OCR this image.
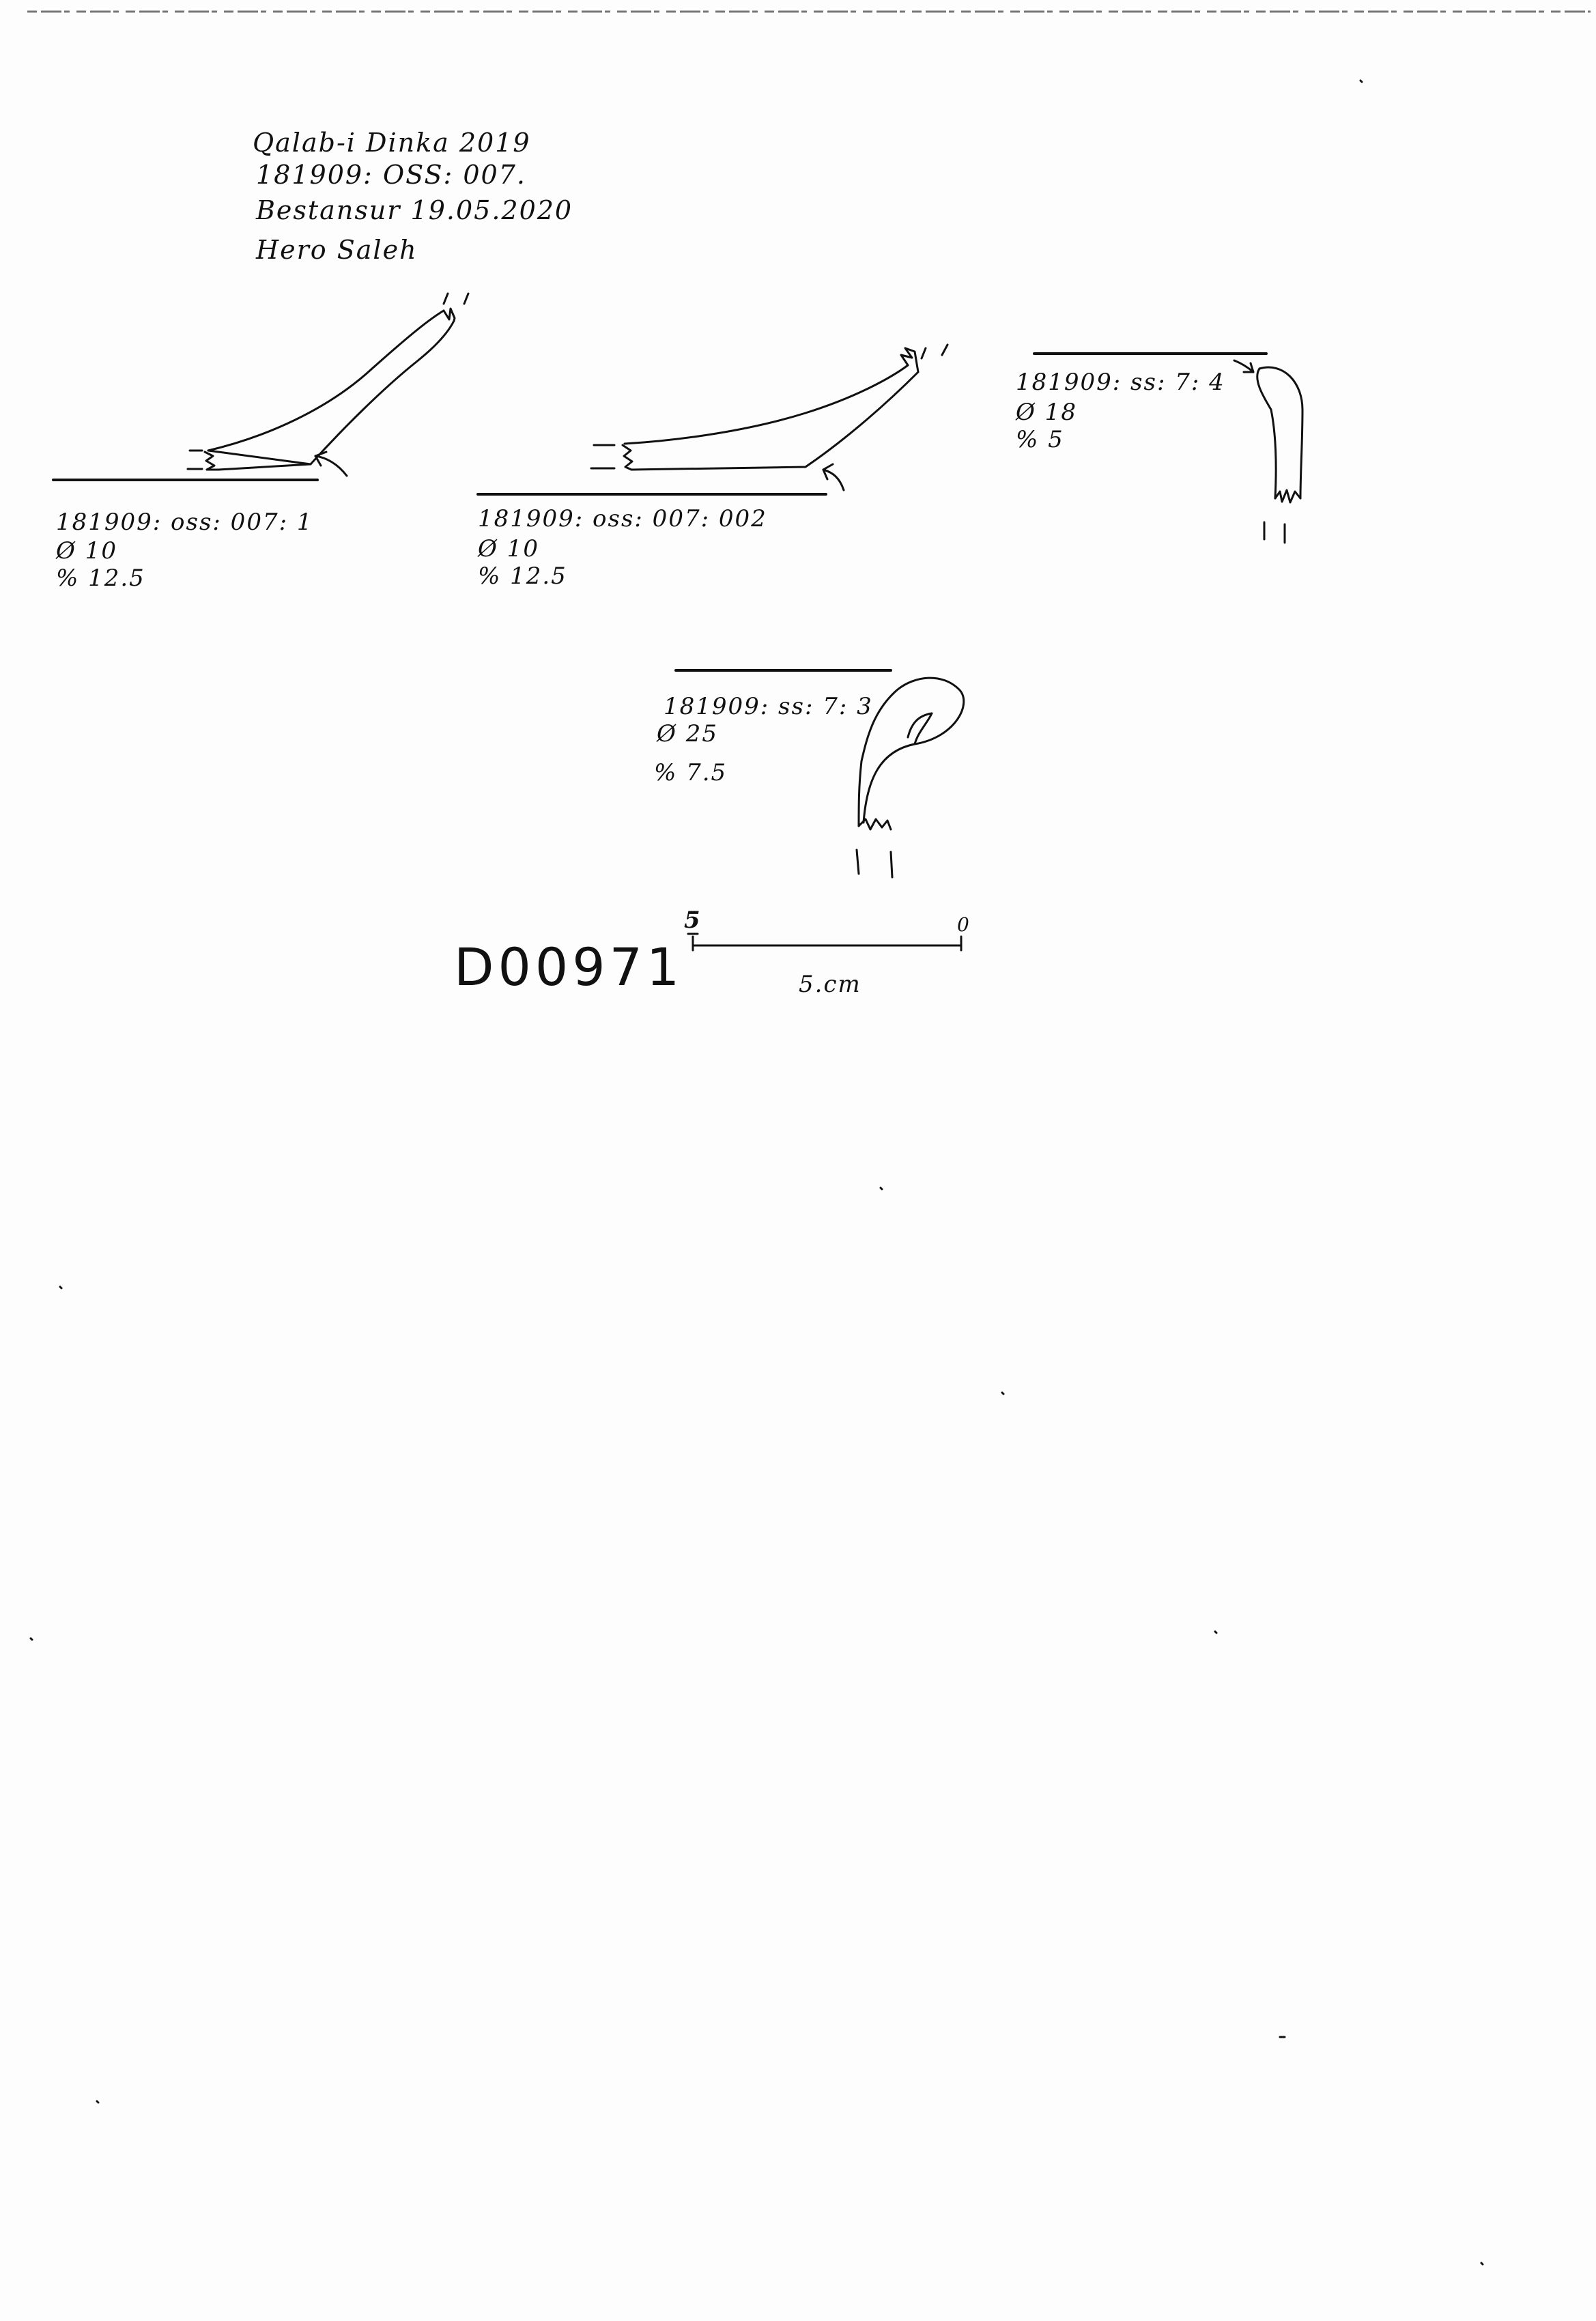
Qalab-i Dinka 2019
181909: OSS: 007.
Bestansur 19.05.2020
Hero Saleh
181909: oss: 007: 1
Ø 10
% 12.5
181909: oss: 007: 002
Ø 10
% 12.5
181909: ss: 7: 4
Ø 18
% 5
181909: ss: 7: 3
Ø 25
% 7.5
5	0
5.cm
D00971
